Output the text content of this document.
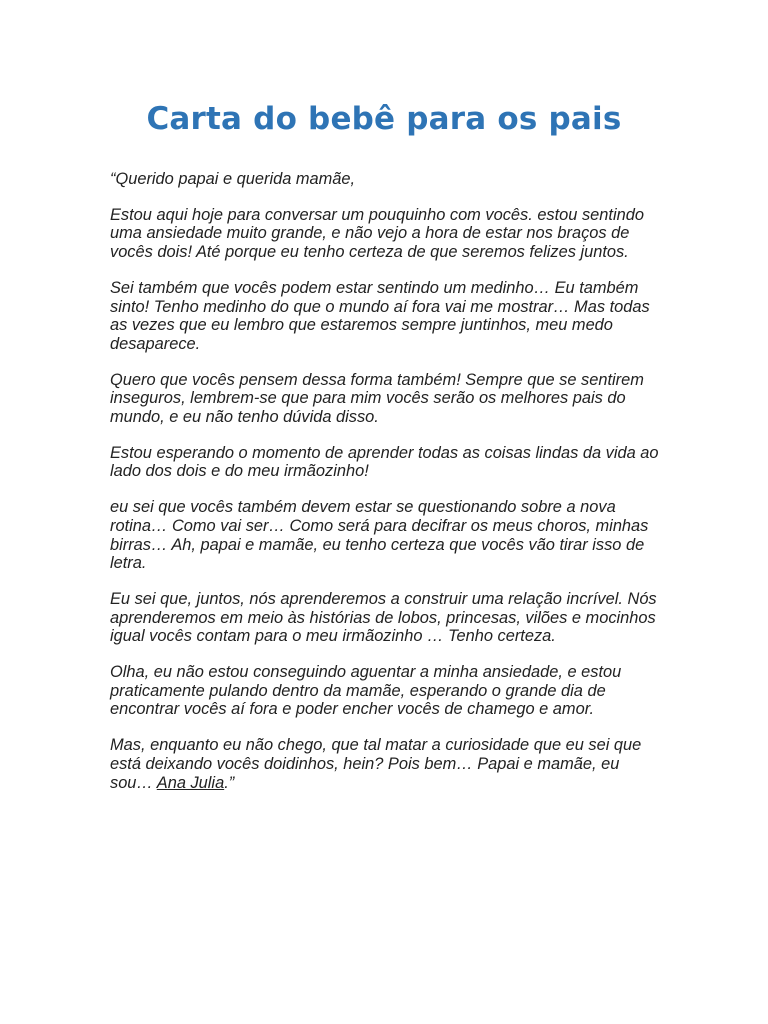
Carta do bebê para os pais

“Querido papai e querida mamãe,

Estou aqui hoje para conversar um pouquinho com vocês. estou sentindo uma ansiedade muito grande, e não vejo a hora de estar nos braços de vocês dois! Até porque eu tenho certeza de que seremos felizes juntos.

Sei também que vocês podem estar sentindo um medinho… Eu também sinto! Tenho medinho do que o mundo aí fora vai me mostrar… Mas todas as vezes que eu lembro que estaremos sempre juntinhos, meu medo desaparece.

Quero que vocês pensem dessa forma também! Sempre que se sentirem inseguros, lembrem-se que para mim vocês serão os melhores pais do mundo, e eu não tenho dúvida disso.

Estou esperando o momento de aprender todas as coisas lindas da vida ao lado dos dois e do meu irmãozinho!

eu sei que vocês também devem estar se questionando sobre a nova rotina… Como vai ser… Como será para decifrar os meus choros, minhas birras… Ah, papai e mamãe, eu tenho certeza que vocês vão tirar isso de letra.

Eu sei que, juntos, nós aprenderemos a construir uma relação incrível. Nós aprenderemos em meio às histórias de lobos, princesas, vilões e mocinhos igual vocês contam para o meu irmãozinho … Tenho certeza.

Olha, eu não estou conseguindo aguentar a minha ansiedade, e estou praticamente pulando dentro da mamãe, esperando o grande dia de encontrar vocês aí fora e poder encher vocês de chamego e amor.

Mas, enquanto eu não chego, que tal matar a curiosidade que eu sei que está deixando vocês doidinhos, hein? Pois bem… Papai e mamãe, eu sou… Ana Julia.”
